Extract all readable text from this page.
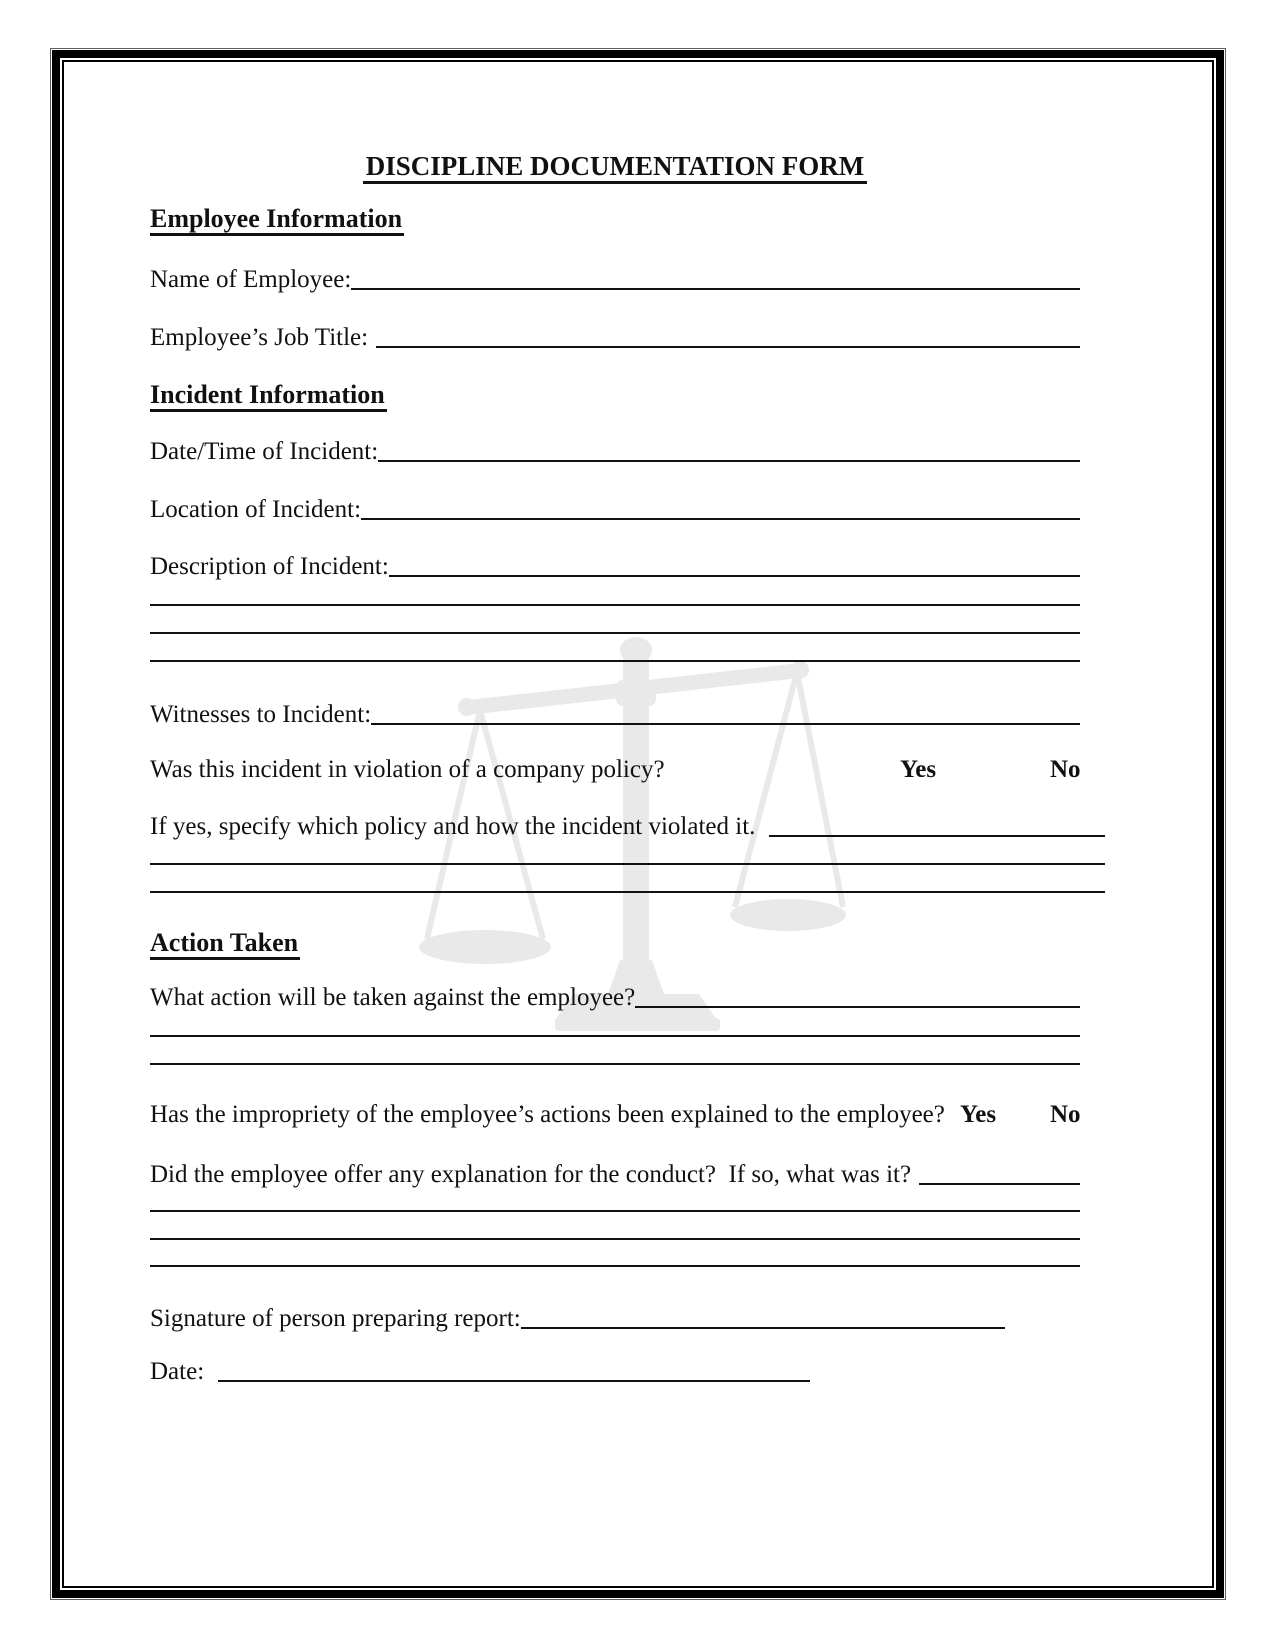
DISCIPLINE DOCUMENTATION FORM
Employee Information
Name of Employee:
Employee’s Job Title:
Incident Information
Date/Time of Incident:
Location of Incident:
Description of Incident:
Witnesses to Incident:
Was this incident in violation of a company policy?	Yes	No
If yes, specify which policy and how the incident violated it.
Action Taken
What action will be taken against the employee?
Has the impropriety of the employee’s actions been explained to the employee? Yes No
Did the employee offer any explanation for the conduct?  If so, what was it?
Signature of person preparing report:
Date:
